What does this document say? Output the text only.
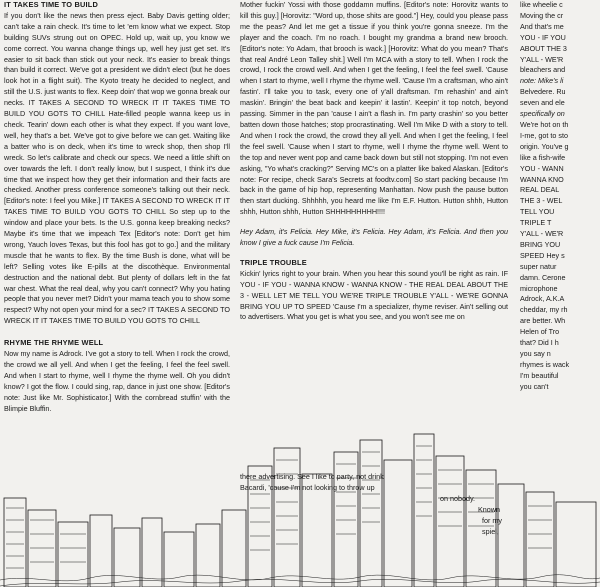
IT TAKES TIME TO BUILD
If you don't like the news then press eject. Baby Davis getting older; can't take a rain check. It's time to let 'em know what we expect. Stop building SUVs strung out on OPEC. Hold up, wait up, you know we come correct. You wanna change things up, well hey just get set. It's easier to sit back than stick out your neck. It's easier to break things than build it correct. We've got a president we didn't elect (but he does look hot in a flight suit). The Kyoto treaty he decided to neglect, and still the U.S. just wants to flex. Keep doin' that wop we gonna break our necks. IT TAKES A SECOND TO WRECK IT IT TAKES TIME TO BUILD YOU GOTS TO CHILL Hate-filled people wanna keep us in check. Tearin' down each other is what they expect. If you want love, well, hey that's a bet. We've got to give before we can get. Waiting like a batter who is on deck, when it's time to wreck shop, then shop I'll wreck. So let's calibrate and check our specs. We need a little shift on over towards the left. I don't really know, but I suspect, I think it's due time that we inspect how they get their information and their facts are checked. Another press conference someone's talking out their neck. [Editor's note: I feel you Mike.] IT TAKES A SECOND TO WRECK IT IT TAKES TIME TO BUILD YOU GOTS TO CHILL So step up to the window and place your bets. Is the U.S. gonna keep breaking necks? Maybe it's time that we impeach Tex [Editor's note: Don't get him wrong, Yauch loves Texas, but this fool has got to go.] and the military muscle that he wants to flex. By the time Bush is done, what will be left? Selling votes like E-pills at the discothèque. Environmental destruction and the national debt. But plenty of dollars left in the fat war chest. What the real deal, why you can't connect? Why you hating people that you never met? Didn't your mama teach you to show some respect? Why not open your mind for a sec? IT TAKES A SECOND TO WRECK IT IT TAKES TIME TO BUILD YOU GOTS TO CHILL
RHYME THE RHYME WELL
Now my name is Adrock. I've got a story to tell. When I rock the crowd, the crowd we all yell. And when I get the feeling, I feel the feel swell. And when I start to rhyme, well I rhyme the rhyme well. Oh you didn't know? I got the flow. I could sing, rap, dance in just one show. [Editor's note: Just like Mr. Sophisticator.] With the cornbread stuffin' with the Blimpie Bluffin.
Mother fuckin' Yossi with those goddamn muffins. [Editor's note: Horovitz wants to kill this guy.] [Horovitz: "Word up, those shits are good."] Hey, could you please pass me the peas? And let me get a tissue if you think you're gonna sneeze. I'm the player and the coach. I'm no roach. I bought my grandma a brand new brooch. [Editor's note: Yo Adam, that brooch is wack.] [Horovitz: What do you mean? That's that real André Leon Talley shit.] Well I'm MCA with a story to tell. When I rock the crowd, I rock the crowd well. And when I get the feeling, I feel the feel swell. 'Cause when I start to rhyme, well I rhyme the rhyme well. 'Cause I'm a craftsman, who ain't fastin'. I'll take you to task, every one of y'all draftsman. I'm rehashin' and ain't maskin'. Bringin' the beat back and keepin' it lastin'. Keepin' it top notch, beyond passing. Simmer in the pan 'cause I ain't a flash in. I'm party crashin' so you better batten down those hatches; stop procrastinating. Well I'm Mike D with a story to tell. And when I rock the crowd, the crowd they all yell. And when I get the feeling, I feel the feel swell. 'Cause when I start to rhyme, well I rhyme the rhyme well. Went to the top and never went pop and came back down but still not stopping. I'm not even asking, "Yo what's cracking?" Serving MC's on a platter like baked Alaskan. [Editor's note: For recipe, check Sara's Secrets at foodtv.com] So start packing because I'm back in the game of hip hop, representing Manhattan. Now push the pause button then start ducking. Shhhhh, you heard me like I'm E.F. Hutton. Hutton shhh, Hutton shhh, Hutton shhh, Hutton SHHHHHHHHH!!!!
Hey Adam, it's Felicia. Hey Mike, it's Felicia. Hey Adam, it's Felicia. And then you know I give a fuck cause I'm Felicia.
TRIPLE TROUBLE
Kickin' lyrics right to your brain. When you hear this sound you'll be right as rain. IF YOU - IF YOU - WANNA KNOW - WANNA KNOW - THE REAL DEAL ABOUT THE 3 - WELL LET ME TELL YOU WE'RE TRIPLE TROUBLE Y'ALL - WE'RE GONNA BRING YOU UP TO SPEED 'Cause I'm a specializer, rhyme reviser. Ain't selling out to advertisers. What you get is what you see, and you won't see me on
like wheelie c
Moving the cr
And that's me
YOU - IF YOU
ABOUT THE 3
Y'ALL - WE'R
bleachers and
note: Mike's li
Belvedere. Ru
seven and ele
specifically on
We're hot on th
I-me, got to sto
origin. You've g
like a fish-wife
YOU - WANN
WANNA KNO
REAL DEAL
THE 3 - WEL
TELL YOU
TRIPLE T
Y'ALL - WE'R
BRING YOU
SPEED Hey s
super natur
damn. Cerone
microphone
Adrock, A.K.A
cheddar, my rh
are better. Wh
Helen of Tro
that? Did I h
you say n
rhymes is wack
I'm beautiful
you can't
there advertising. See I like to party, not drink
Bacardi, 'cause I'm not looking to throw up
on nobody.
Known
for my
spiel,
